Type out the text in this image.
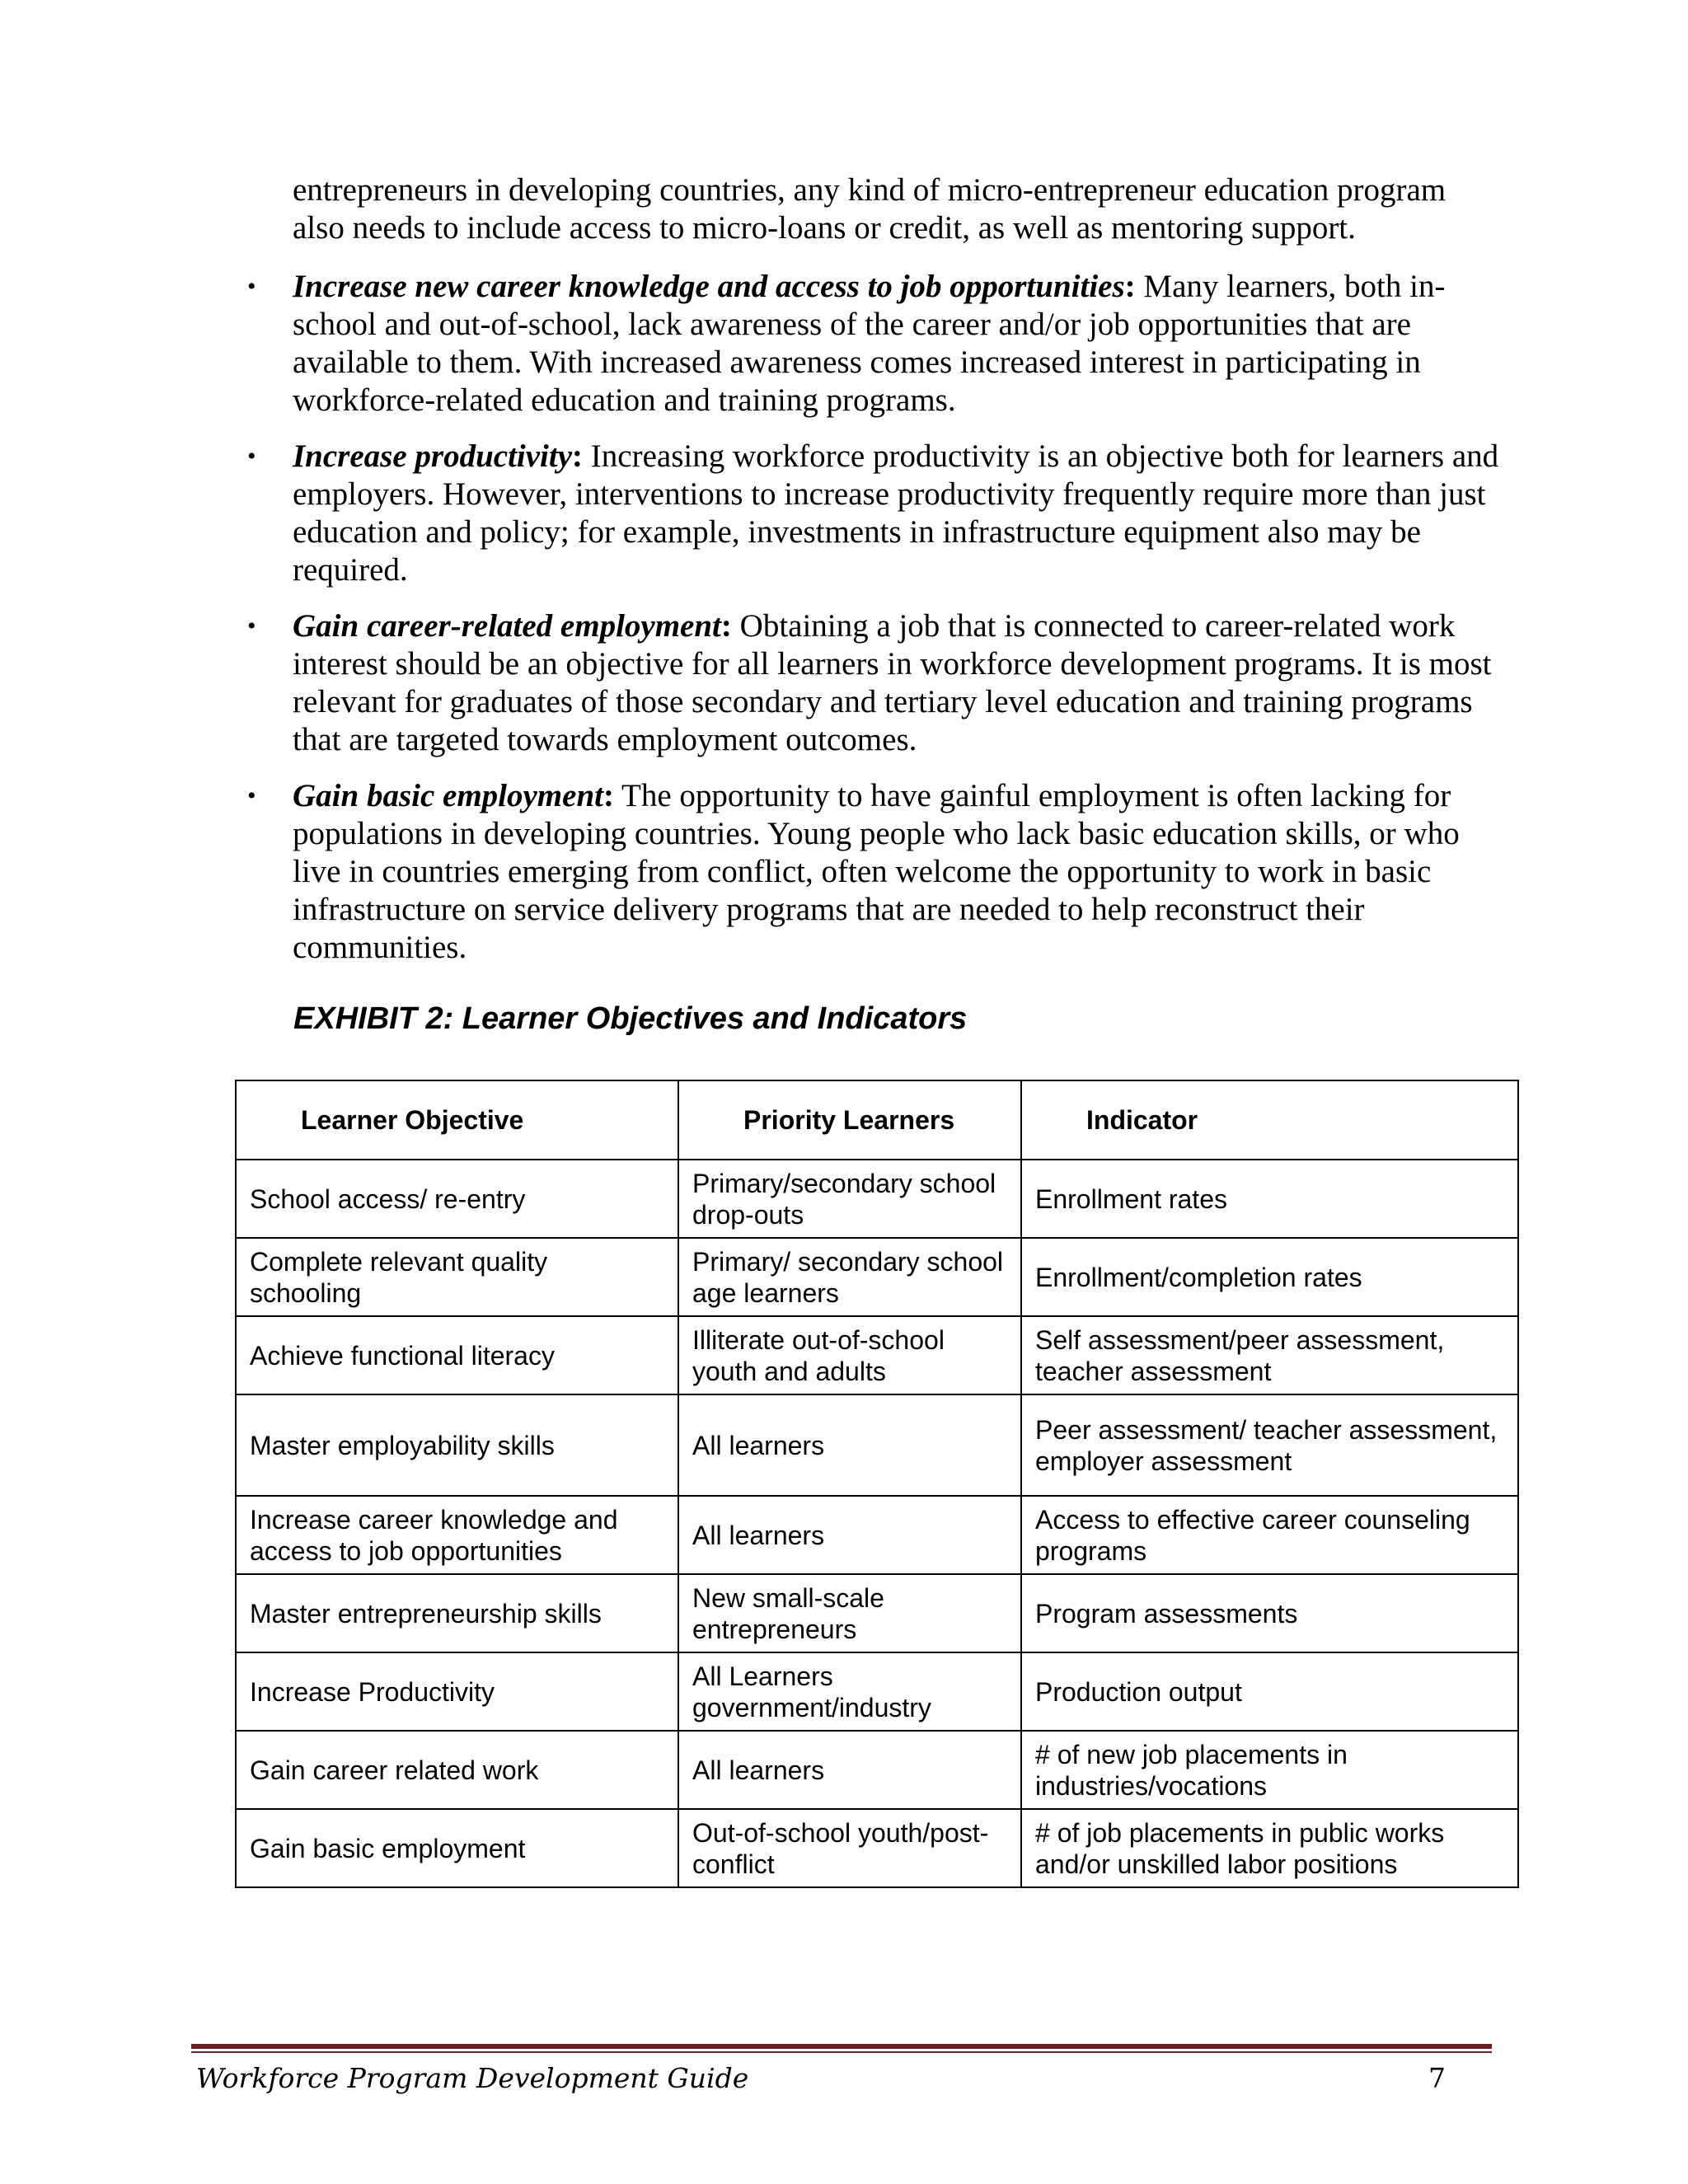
entrepreneurs in developing countries, any kind of micro-entrepreneur education program also needs to include access to micro-loans or credit, as well as mentoring support.

•	Increase new career knowledge and access to job opportunities: Many learners, both in-school and out-of-school, lack awareness of the career and/or job opportunities that are available to them. With increased awareness comes increased interest in participating in workforce-related education and training programs.
•	Increase productivity: Increasing workforce productivity is an objective both for learners and employers. However, interventions to increase productivity frequently require more than just education and policy; for example, investments in infrastructure equipment also may be required.
•	Gain career-related employment: Obtaining a job that is connected to career-related work interest should be an objective for all learners in workforce development programs. It is most relevant for graduates of those secondary and tertiary level education and training programs that are targeted towards employment outcomes.
•	Gain basic employment: The opportunity to have gainful employment is often lacking for populations in developing countries. Young people who lack basic education skills, or who live in countries emerging from conflict, often welcome the opportunity to work in basic infrastructure on service delivery programs that are needed to help reconstruct their communities.
EXHIBIT 2: Learner Objectives and Indicators
Learner Objective	Priority Learners	Indicator
School access/ re-entry	Primary/secondary school drop-outs	Enrollment rates
Complete relevant quality schooling	Primary/ secondary school age learners	Enrollment/completion rates
Achieve functional literacy	Illiterate out-of-school youth and adults	Self assessment/peer assessment, teacher assessment
Master employability skills	All learners	Peer assessment/ teacher assessment, employer assessment
Increase career knowledge and access to job opportunities	All learners	Access to effective career counseling programs
Master entrepreneurship skills	New small-scale entrepreneurs	Program assessments
Increase Productivity	All Learners government/industry	Production output
Gain career related work	All learners	# of new job placements in industries/vocations
Gain basic employment	Out-of-school youth/post-conflict	# of job placements in public works and/or unskilled labor positions
Workforce Program Development Guide	7
